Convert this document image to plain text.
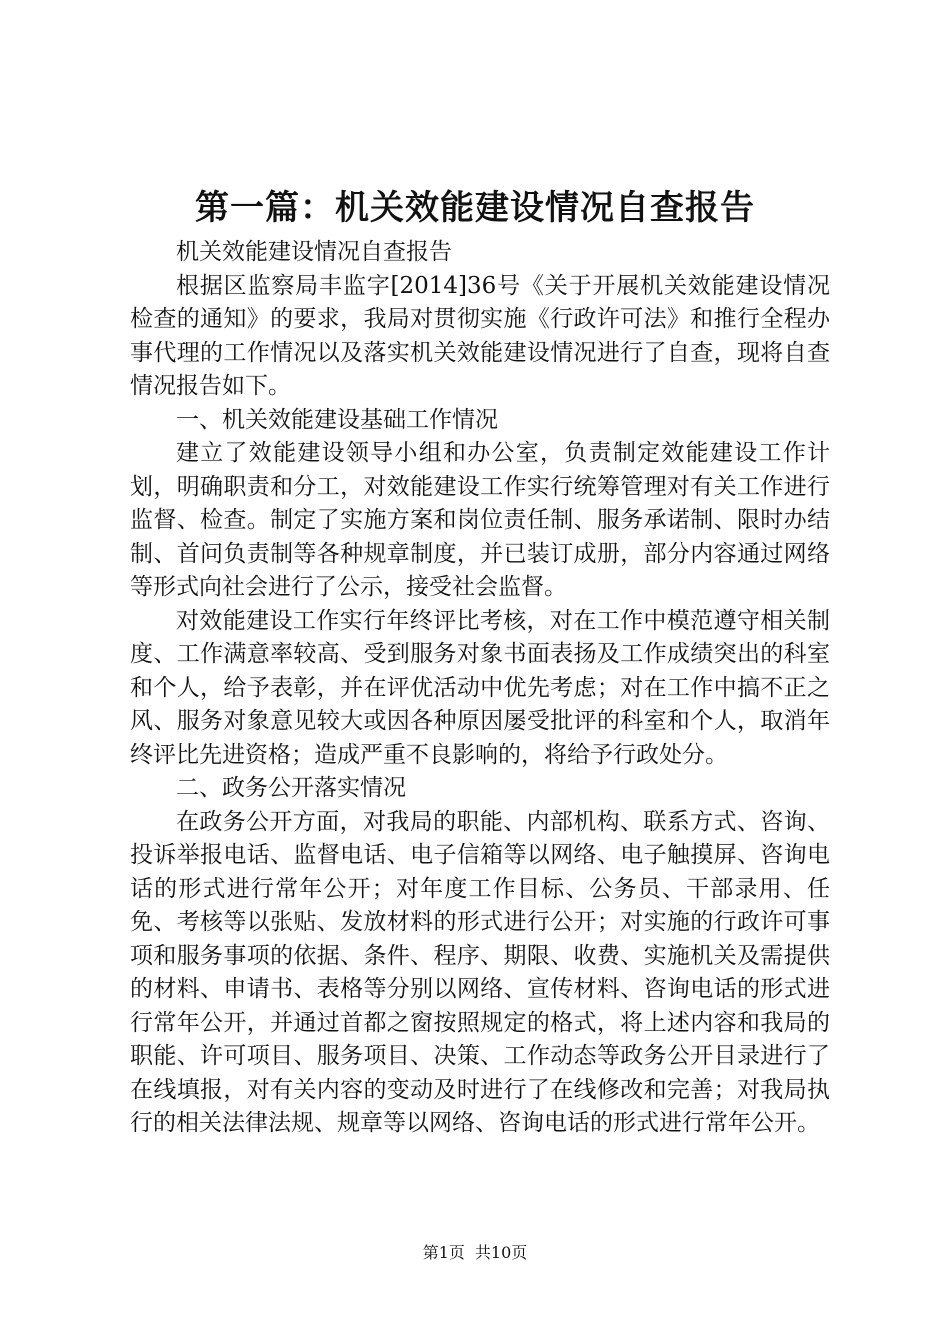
第一篇：机关效能建设情况自查报告

机关效能建设情况自查报告

根据区监察局丰监字[2014]36号《关于开展机关效能建设情况检查的通知》的要求，我局对贯彻实施《行政许可法》和推行全程办事代理的工作情况以及落实机关效能建设情况进行了自查，现将自查情况报告如下。

一、机关效能建设基础工作情况

建立了效能建设领导小组和办公室，负责制定效能建设工作计划，明确职责和分工，对效能建设工作实行统筹管理对有关工作进行监督、检查。制定了实施方案和岗位责任制、服务承诺制、限时办结制、首问负责制等各种规章制度，并已装订成册，部分内容通过网络等形式向社会进行了公示，接受社会监督。

对效能建设工作实行年终评比考核，对在工作中模范遵守相关制度、工作满意率较高、受到服务对象书面表扬及工作成绩突出的科室和个人，给予表彰，并在评优活动中优先考虑；对在工作中搞不正之风、服务对象意见较大或因各种原因屡受批评的科室和个人，取消年终评比先进资格；造成严重不良影响的，将给予行政处分。

二、政务公开落实情况

在政务公开方面，对我局的职能、内部机构、联系方式、咨询、投诉举报电话、监督电话、电子信箱等以网络、电子触摸屏、咨询电话的形式进行常年公开；对年度工作目标、公务员、干部录用、任免、考核等以张贴、发放材料的形式进行公开；对实施的行政许可事项和服务事项的依据、条件、程序、期限、收费、实施机关及需提供的材料、申请书、表格等分别以网络、宣传材料、咨询电话的形式进行常年公开，并通过首都之窗按照规定的格式，将上述内容和我局的职能、许可项目、服务项目、决策、工作动态等政务公开目录进行了在线填报，对有关内容的变动及时进行了在线修改和完善；对我局执行的相关法律法规、规章等以网络、咨询电话的形式进行常年公开。

第1页 共10页
